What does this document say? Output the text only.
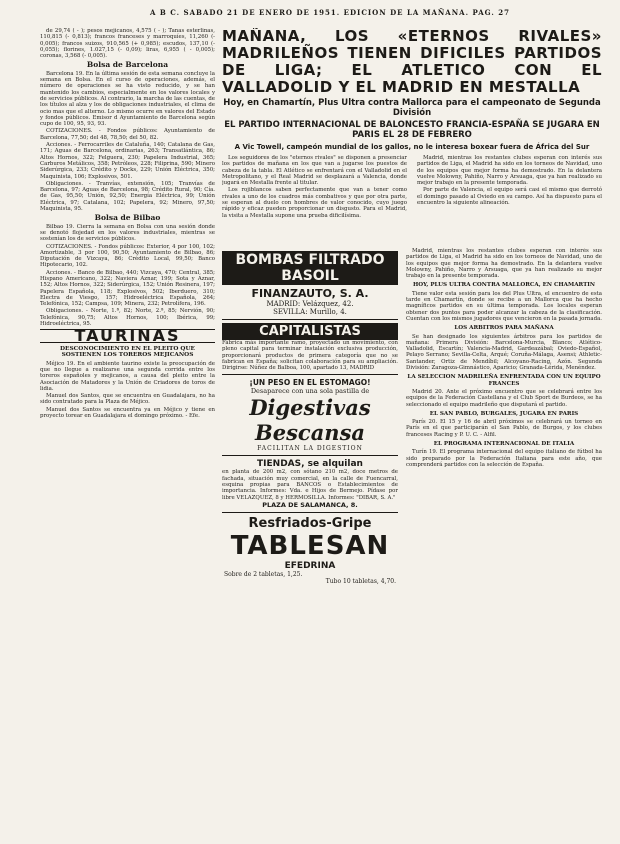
A B C. SABADO 21 DE ENERO DE 1951. EDICION DE LA MAÑANA. PAG. 27

de 29,74 ( - ); pesos mejicanos, 4,575 ( - ); Tanas esterlinas, 110,815 (- 0,813); francos franceses y marroquíes, 11,260 (- 0,005); francos suizos, 910,565 (+ 0,985); escudos, 137,10 (- 0,055); florines, 1.027,15 (- 0,09); liras, 6,955 ( - 0,005); coronas, 3,568 (- 0,005).

Bolsa de Barcelona

Barcelona 19. En la última sesión de esta semana concluye la semana en Bolsa. En el curso de operaciones, además, el número de operaciones se ha visto reducido, y se han mantenido los cambios, especialmente en los valores locales y de servicios públicos. Al contrario, la marcha de las cuentas, de los títulos al alza y los de obligaciones industriales, el clima de ocio mas que el alterno. Lo mismo ocurre en valores del Estado y fondos públicos. Emisor d Ayuntamiento de Barcelona según cupo de 100, 95, 93, 93.

COTIZACIONES. - Fondos públicos: Ayuntamiento de Barcelona, 77,50; del 48, 78,50; del 50, 82.

Acciones. - Ferrocarriles de Cataluña, 140; Catalana de Gas, 171; Aguas de Barcelona, ordinarias, 263; Transatlántica, 86; Altos Hornos, 322; Felguera, 230; Papelera Industrial, 365; Carburos Metálicos, 358; Petróleos, 228; Filiprina, 590; Minero Siderúrgica, 233; Crédito y Docks, 229; Unión Eléctrica, 350; Maquinista, 106; Explosivos, 501.

Obligaciones. - Tranvías, extensión, 105; Tranvías de Barcelona, 97; Aguas de Barcelona, 98; Crédito Rural, 90; Cía. de Gas, 95,50; Unión, 92,50; Energía Eléctrica, 99; Unión Eléctrica, 97; Catalana, 102; Papelera, 92; Minero, 97,50; Maquinista, 95.

Bolsa de Bilbao

Bilbao 19. Cierra la semana en Bolsa con una sesión donde se denotó flojedad en los valores industriales, mientras se sostenían los de servicios públicos.

COTIZACIONES. - Fondos públicos: Exterior, 4 por 100, 102; Amortizable, 3 por 100, 90,50; Ayuntamiento de Bilbao, 86; Diputación de Vizcaya, 86; Crédito Local, 99,50; Banco Hipotecario, 102.

Acciones. - Banco de Bilbao, 440; Vizcaya, 470; Central, 385; Hispano Americano, 322; Naviera Aznar, 199; Sota y Aznar, 152; Altos Hornos, 322; Siderúrgica, 152; Unión Resinera, 197; Papelera Española, 118; Explosivos, 502; Iberduero, 310; Electra de Viesgo, 157; Hidroeléctrica Española, 264; Telefónica, 152; Campsa, 109; Minera, 232; Petrolífera, 196.

Obligaciones. - Norte, 1.ª, 82; Norte, 2.ª, 85; Nervión, 90; Telefónica, 90,75; Altos Hornos, 100; Ibérica, 99; Hidroeléctrica, 95.

TAURINAS
DESCONOCIMIENTO EN EL PLEITO QUE SOSTIENEN LOS TOREROS MEJICANOS

Méjico 19. En el ambiente taurino existe la preocupación de que no llegue a realizarse una segunda corrida entre los toreros españoles y mejicanos, a causa del pleito entre la Asociación de Matadores y la Unión de Criadores de toros de lidia.

Manuel dos Santos, que se encuentra en Guadalajara, no ha sido contratado para la Plaza de Méjico.

Manuel dos Santos se encuentra ya en Méjico y tiene en proyecto torear en Guadalajara el domingo próximo. - Efe.

MAÑANA, LOS «ETERNOS RIVALES» MADRILEÑOS TIENEN DIFICILES PARTIDOS DE LIGA; EL ATLETICO CON EL VALLADOLID Y EL MADRID EN MESTALLA
Hoy, en Chamartín, Plus Ultra contra Mallorca para el campeonato de Segunda División
EL PARTIDO INTERNACIONAL DE BALONCESTO FRANCIA-ESPAÑA SE JUGARA EN PARIS EL 28 DE FEBRERO
A Vic Towell, campeón mundial de los gallos, no le interesa boxear fuera de África del Sur

Los seguidores de los "eternos rivales" se disponen a presenciar los partidos de mañana en los que van a jugarse los puestos de cabeza de la tabla. El Atlético se enfrentará con el Valladolid en el Metropolitano, y el Real Madrid se desplazará a Valencia, donde jugará en Mestalla frente al titular.

Los rojiblancos saben perfectamente que van a tener como rivales a uno de los cuadros más combativos y que por otra parte, se esperan al duelo con hombres de valor conocido, cuyo juego rápido y eficaz pueden proporcionar un disgusto. Para el Madrid, la visita a Mestalla supone una prueba dificilísima.

Madrid, mientras los restantes clubes esperan con interés sus partidos de Liga, el Madrid ha sido en los torneos de Navidad, uno de los equipos que mejor forma ha demostrado. En la delantera vuelve Molowny, Pahiño, Narro y Arsuaga, que ya han realizado su mejor trabajo en la presente temporada.

Por parte de Valencia, el equipo será casi el mismo que derrotó el domingo pasado al Oviedo en su campo. Así ha dispuesto para el encuentro la siguiente alineación.

BOMBAS FILTRADO BASOIL
FINANZAUTO, S. A.
MADRID: Velázquez, 42.
SEVILLA: Murillo, 4.
CAPITALISTAS
Fábrica más importante ramo, proyectado un movimiento, con pleno capital para terminar instalación exclusiva producción, proporcionará productos de primera categoría que no se fabrican en España; solicitan colaboración para su ampliación. Dirigirse: Núñez de Balboa, 100, apartado 13, MADRID
¡UN PESO EN EL ESTOMAGO!
Desaparece con una sola pastilla de
Digestivas
Bescansa
FACILITAN LA DIGESTION
TIENDAS, se alquilan
en planta de 200 m2, con sótano 210 m2, doce metros de fachada, situación muy comercial, en la calle de Fuencarral, esquina propias para BANCOS o Establecimientos de importancia. Informes: Vda. e Hijos de Bermejo. Pídase por libre VELAZQUEZ, 8 y HERMOSILLA. Informes: "DIBAR, S. A."
PLAZA DE SALAMANCA, 8.
Resfriados-Gripe
TABLESAN
EFEDRINA
Sobre de 2 tabletas, 1,25.
Tubo 10 tabletas, 4,70.

Madrid, mientras los restantes clubes esperan con interés sus partidos de Liga, el Madrid ha sido en los torneos de Navidad, uno de los equipos que mejor forma ha demostrado. En la delantera vuelve Molowny, Pahiño, Narro y Arsuaga, que ya han realizado su mejor trabajo en la presente temporada.

HOY, PLUS ULTRA CONTRA MALLORCA, EN CHAMARTIN

Tiene valor esta sesión para los del Plus Ultra, el encuentro de esta tarde en Chamartín, donde se recibe a un Mallorca que ha hecho magníficos partidos en su última temporada. Los locales esperan obtener dos puntos para poder alcanzar la cabeza de la clasificación. Cuentan con los mismos jugadores que vencieron en la pasada jornada.

LOS ARBITROS PARA MAÑANA

Se han designado los siguientes árbitros para los partidos de mañana: Primera División: Barcelona-Murcia, Blanco; Atlético-Valladolid, Escartín; Valencia-Madrid, Gardeazábal; Oviedo-Español, Pelayo Serrano; Sevilla-Celta, Arqué; Coruña-Málaga, Asensi; Athletic-Santander, Ortiz de Mendíbil; Alcoyano-Racing, Azón. Segunda División: Zaragoza-Gimnástico, Aparicio; Granada-Lérida, Menéndez.

LA SELECCION MADRILEÑA ENFRENTADA CON UN EQUIPO FRANCES

Madrid 20. Ante el próximo encuentro que se celebrará entre los equipos de la Federación Castellana y el Club Sport de Burdeos, se ha seleccionado el equipo madrileño que disputará el partido.

EL SAN PABLO, BURGALES, JUGARA EN PARIS

París 20. El 15 y 16 de abril próximos se celebrará un torneo en París en el que participarán el San Pablo, de Burgos, y los clubes franceses Racing y P. U. C. - Alfil.

EL PROGRAMA INTERNACIONAL DE ITALIA

Turín 19. El programa internacional del equipo italiano de fútbol ha sido preparado por la Federación Italiana para este año, que comprenderá partidos con la selección de España.
